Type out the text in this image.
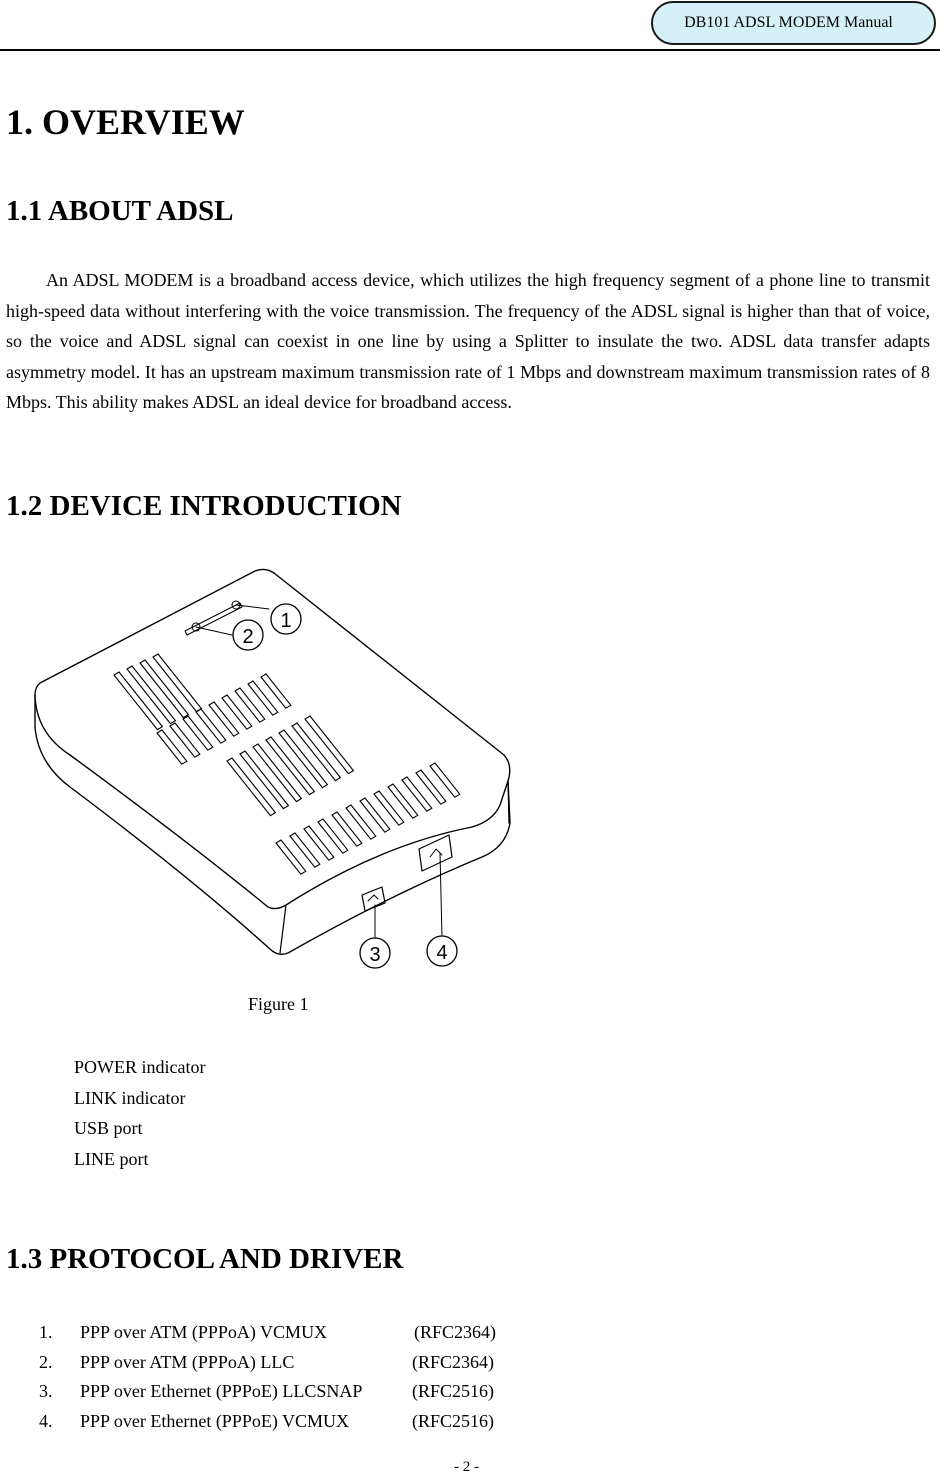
DB101 ADSL MODEM Manual
1. OVERVIEW
1.1 ABOUT ADSL

An ADSL MODEM is a broadband access device, which utilizes the high frequency segment of a phone line to transmit high-speed data without interfering with the voice transmission. The frequency of the ADSL signal is higher than that of voice, so the voice and ADSL signal can coexist in one line by using a Splitter to insulate the two. ADSL data transfer adapts asymmetry model. It has an upstream maximum transmission rate of 1 Mbps and downstream maximum transmission rates of 8 Mbps. This ability makes ADSL an ideal device for broadband access.

1.2 DEVICE INTRODUCTION
1
2
3	4
Figure 1
POWER indicator
LINK indicator
USB port
LINE port
1.3 PROTOCOL AND DRIVER
1. PPP over ATM (PPPoA) VCMUX	(RFC2364)
2. PPP over ATM (PPPoA) LLC	(RFC2364)
3. PPP over Ethernet (PPPoE) LLCSNAP	(RFC2516)
4. PPP over Ethernet (PPPoE) VCMUX	(RFC2516)
- 2 -
